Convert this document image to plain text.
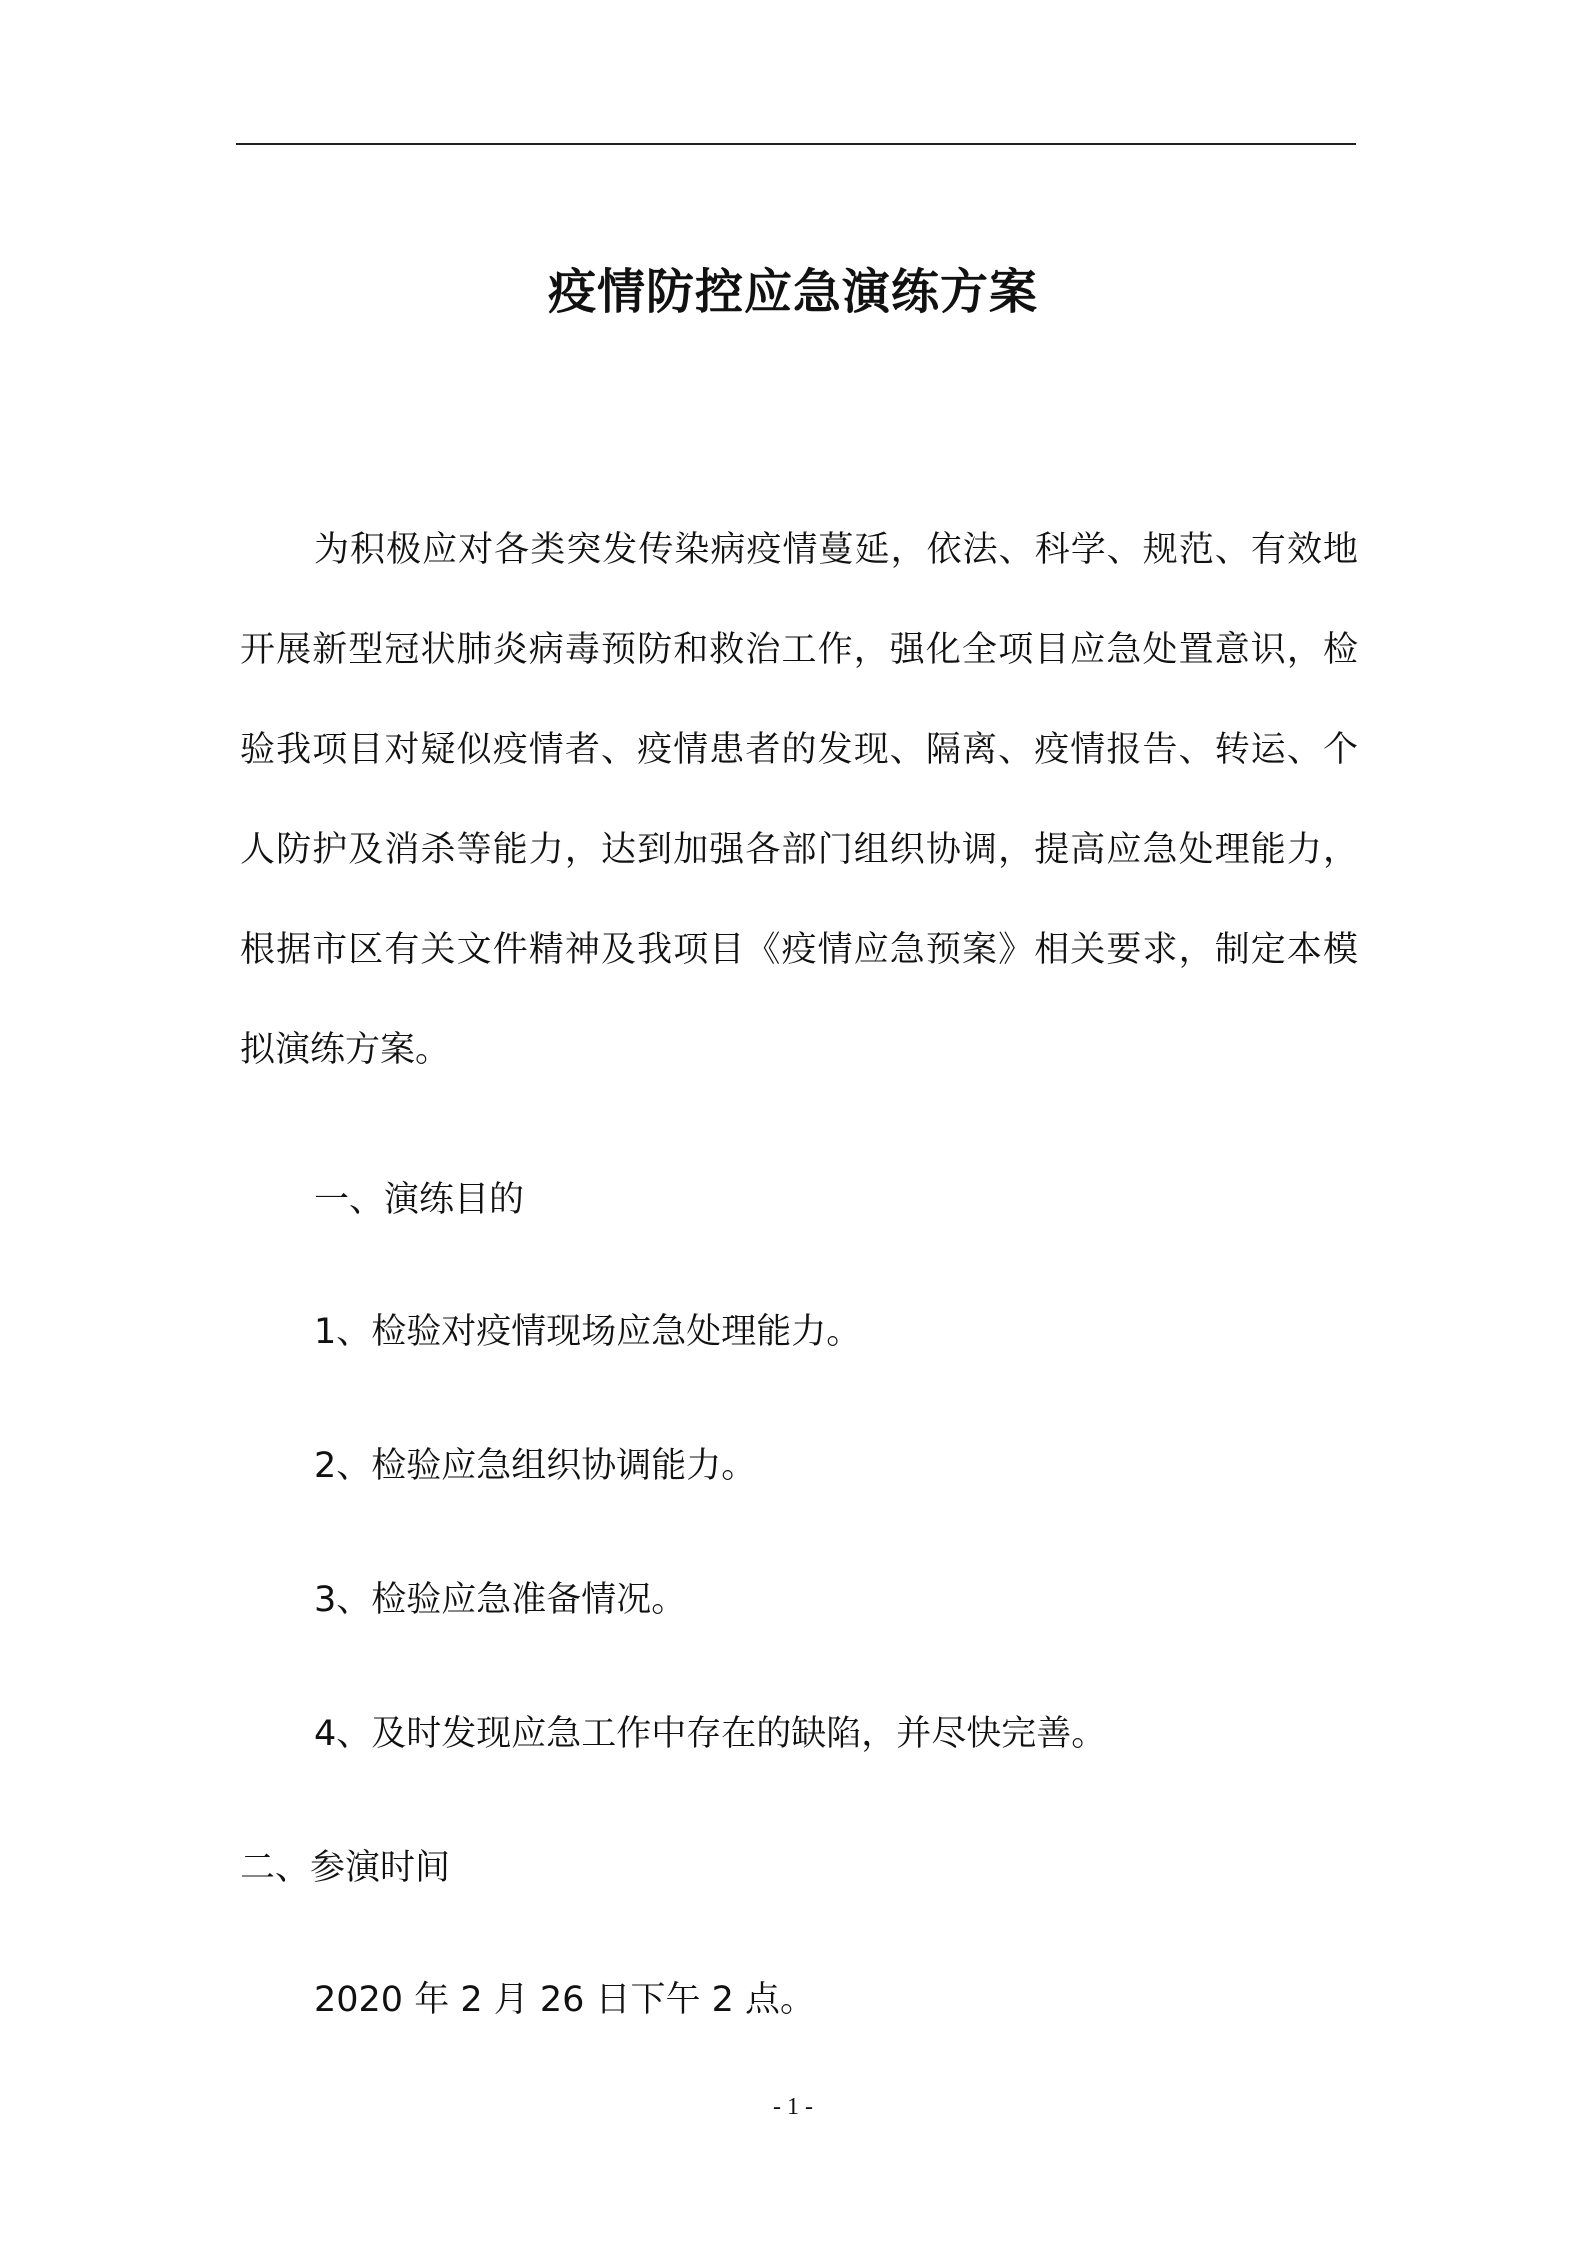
疫情防控应急演练方案
为积极应对各类突发传染病疫情蔓延，依法、科学、规范、有效地开展新型冠状肺炎病毒预防和救治工作，强化全项目应急处置意识，检验我项目对疑似疫情者、疫情患者的发现、隔离、疫情报告、转运、个人防护及消杀等能力，达到加强各部门组织协调，提高应急处理能力，根据市区有关文件精神及我项目《疫情应急预案》相关要求，制定本模拟演练方案。
一、演练目的
1、检验对疫情现场应急处理能力。
2、检验应急组织协调能力。
3、检验应急准备情况。
4、及时发现应急工作中存在的缺陷，并尽快完善。
二、参演时间
2020 年 2 月 26 日下午 2 点。
- 1 -
